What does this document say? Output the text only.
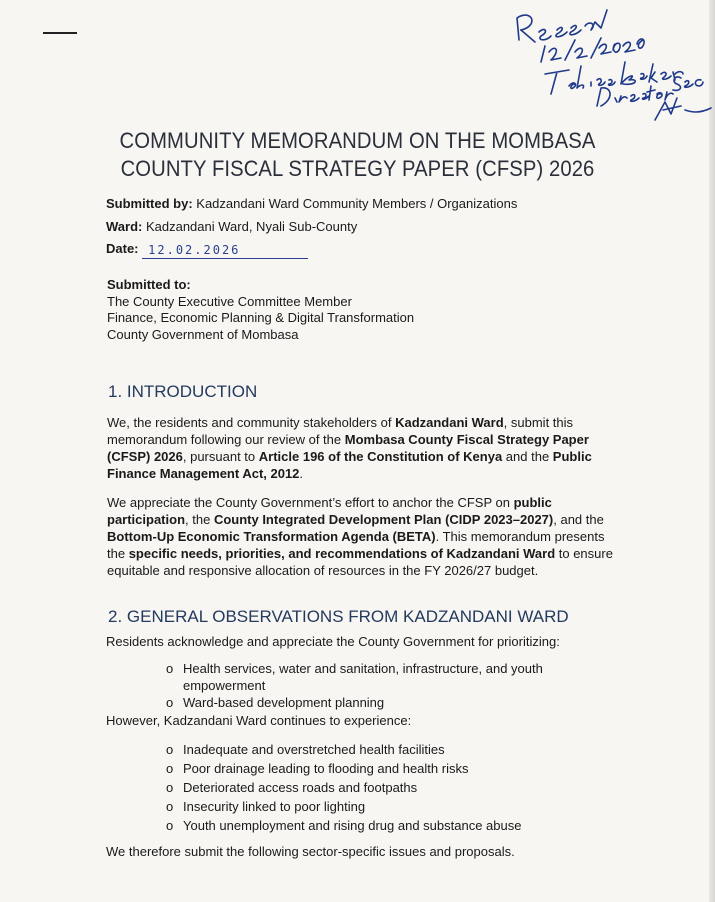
COMMUNITY MEMORANDUM ON THE MOMBASA
COUNTY FISCAL STRATEGY PAPER (CFSP) 2026
Submitted by: Kadzandani Ward Community Members / Organizations
Ward: Kadzandani Ward, Nyali Sub-County
Date: 12.02.2026
Submitted to:
The County Executive Committee Member
Finance, Economic Planning & Digital Transformation
County Government of Mombasa
1. INTRODUCTION

We, the residents and community stakeholders of Kadzandani Ward, submit this memorandum following our review of the Mombasa County Fiscal Strategy Paper (CFSP) 2026, pursuant to Article 196 of the Constitution of Kenya and the Public Finance Management Act, 2012.

We appreciate the County Government’s effort to anchor the CFSP on public participation, the County Integrated Development Plan (CIDP 2023–2027), and the Bottom-Up Economic Transformation Agenda (BETA). This memorandum presents the specific needs, priorities, and recommendations of Kadzandani Ward to ensure equitable and responsive allocation of resources in the FY 2026/27 budget.

2. GENERAL OBSERVATIONS FROM KADZANDANI WARD
Residents acknowledge and appreciate the County Government for prioritizing:
o Health services, water and sanitation, infrastructure, and youth empowerment
o Ward-based development planning
However, Kadzandani Ward continues to experience:
o Inadequate and overstretched health facilities
o Poor drainage leading to flooding and health risks
o Deteriorated access roads and footpaths
o Insecurity linked to poor lighting
o Youth unemployment and rising drug and substance abuse
We therefore submit the following sector-specific issues and proposals.
